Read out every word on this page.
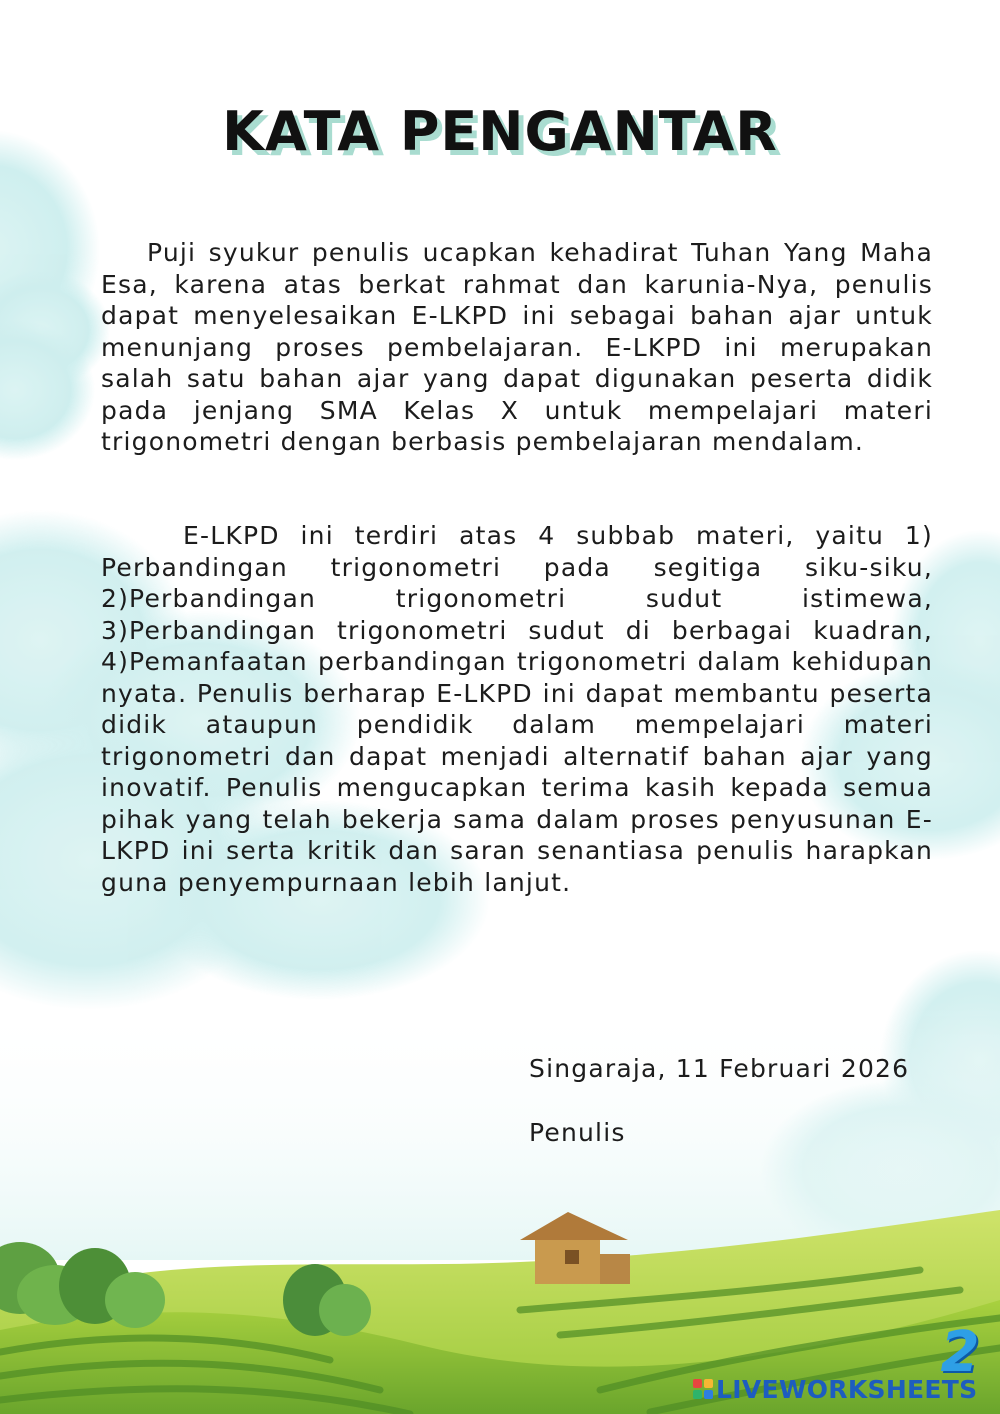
KATA PENGANTAR

Puji syukur penulis ucapkan kehadirat Tuhan Yang Maha Esa, karena atas berkat rahmat dan karunia-Nya, penulis dapat menyelesaikan E-LKPD ini sebagai bahan ajar untuk menunjang proses pembelajaran. E-LKPD ini merupakan salah satu bahan ajar yang dapat digunakan peserta didik pada jenjang SMA Kelas X untuk mempelajari materi trigonometri dengan berbasis pembelajaran mendalam.

E-LKPD ini terdiri atas 4 subbab materi, yaitu 1) Perbandingan trigonometri pada segitiga siku-siku, 2)Perbandingan trigonometri sudut istimewa, 3)Perbandingan trigonometri sudut di berbagai kuadran, 4)Pemanfaatan perbandingan trigonometri dalam kehidupan nyata. Penulis berharap E-LKPD ini dapat membantu peserta didik ataupun pendidik dalam mempelajari materi trigonometri dan dapat menjadi alternatif bahan ajar yang inovatif. Penulis mengucapkan terima kasih kepada semua pihak yang telah bekerja sama dalam proses penyusunan E-LKPD ini serta kritik dan saran senantiasa penulis harapkan guna penyempurnaan lebih lanjut.

Singaraja, 11 Februari 2026

Penulis

2
LIVEWORKSHEETS
